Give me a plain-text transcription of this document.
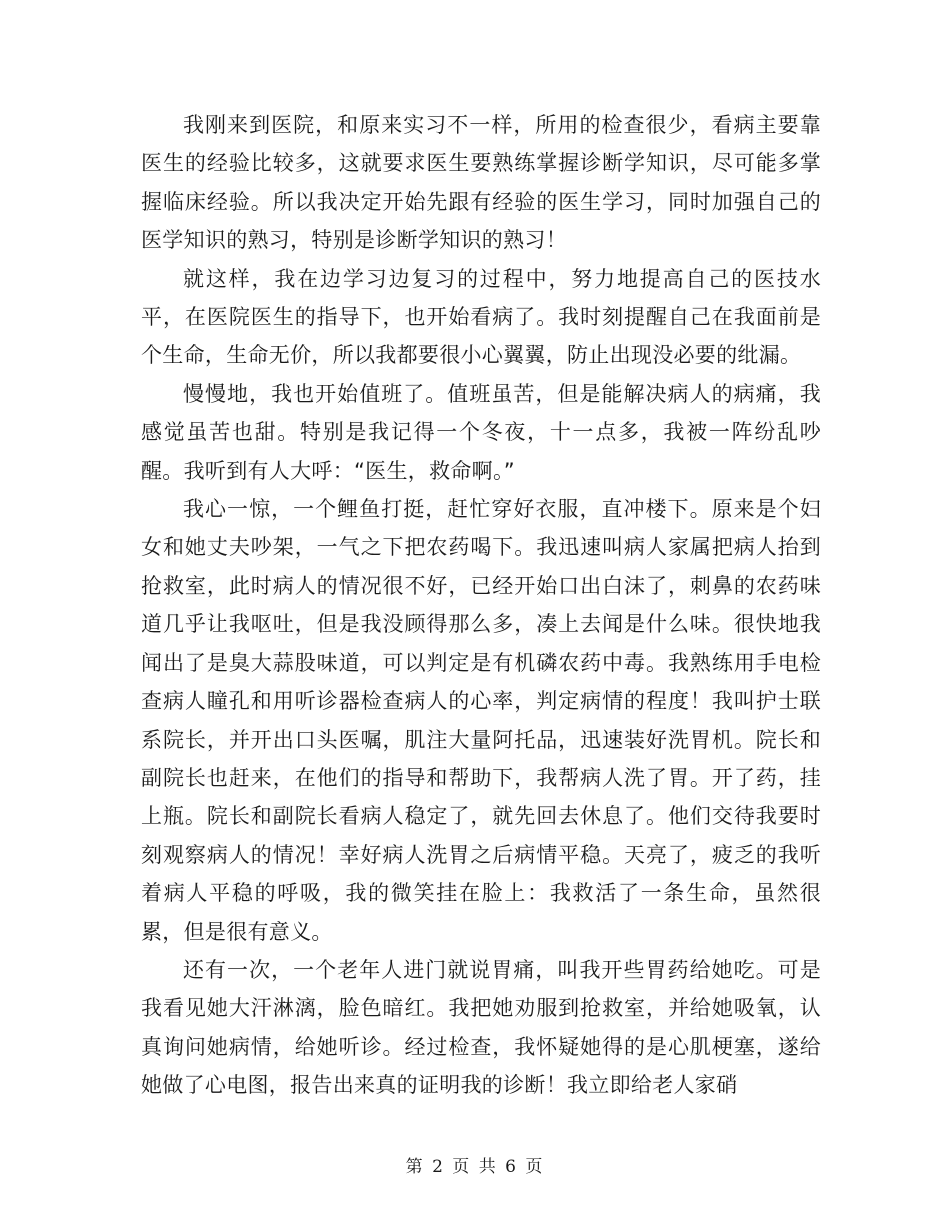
我刚来到医院，和原来实习不一样，所用的检查很少，看病主要靠医生的经验比较多，这就要求医生要熟练掌握诊断学知识，尽可能多掌握临床经验。所以我决定开始先跟有经验的医生学习，同时加强自己的医学知识的熟习，特别是诊断学知识的熟习！

就这样，我在边学习边复习的过程中，努力地提高自己的医技水平，在医院医生的指导下，也开始看病了。我时刻提醒自己在我面前是个生命，生命无价，所以我都要很小心翼翼，防止出现没必要的纰漏。

慢慢地，我也开始值班了。值班虽苦，但是能解决病人的病痛，我感觉虽苦也甜。特别是我记得一个冬夜，十一点多，我被一阵纷乱吵醒。我听到有人大呼：“医生，救命啊。”

我心一惊，一个鲤鱼打挺，赶忙穿好衣服，直冲楼下。原来是个妇女和她丈夫吵架，一气之下把农药喝下。我迅速叫病人家属把病人抬到抢救室，此时病人的情况很不好，已经开始口出白沫了，刺鼻的农药味道几乎让我呕吐，但是我没顾得那么多，凑上去闻是什么味。很快地我闻出了是臭大蒜股味道，可以判定是有机磷农药中毒。我熟练用手电检查病人瞳孔和用听诊器检查病人的心率，判定病情的程度！我叫护士联系院长，并开出口头医嘱，肌注大量阿托品，迅速装好洗胃机。院长和副院长也赶来，在他们的指导和帮助下，我帮病人洗了胃。开了药，挂上瓶。院长和副院长看病人稳定了，就先回去休息了。他们交待我要时刻观察病人的情况！幸好病人洗胃之后病情平稳。天亮了，疲乏的我听着病人平稳的呼吸，我的微笑挂在脸上：我救活了一条生命，虽然很累，但是很有意义。

还有一次，一个老年人进门就说胃痛，叫我开些胃药给她吃。可是我看见她大汗淋漓，脸色暗红。我把她劝服到抢救室，并给她吸氧，认真询问她病情，给她听诊。经过检查，我怀疑她得的是心肌梗塞，遂给她做了心电图，报告出来真的证明我的诊断！我立即给老人家硝

第 2 页 共 6 页
